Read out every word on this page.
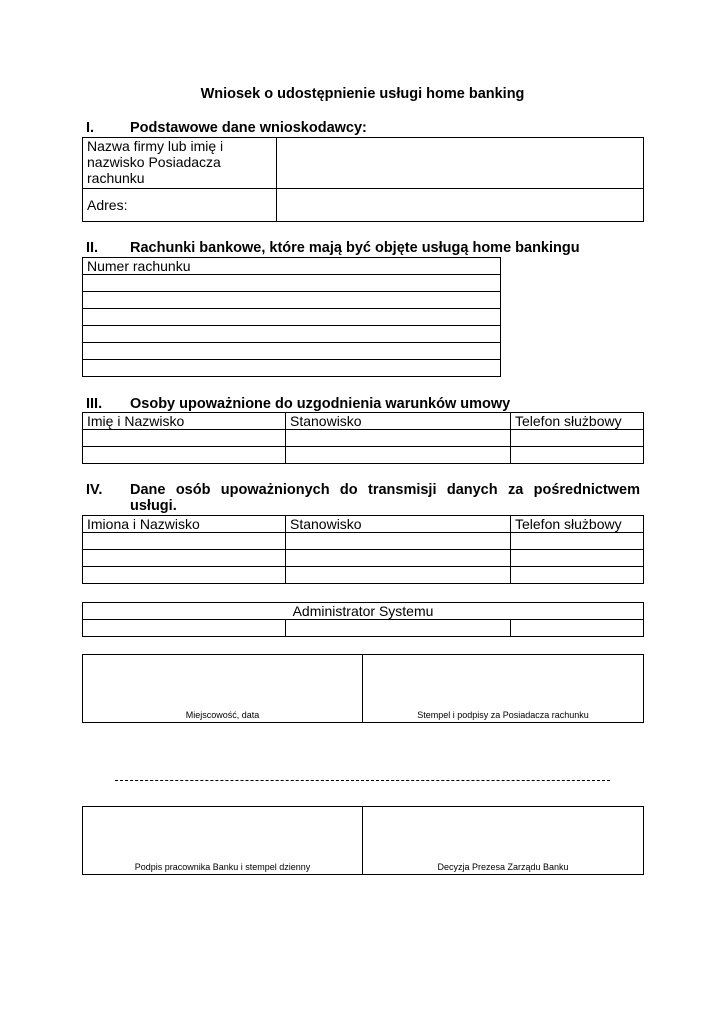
Wniosek o udostępnienie usługi home banking
I. Podstawowe dane wnioskodawcy:
Nazwa firmy lub imię i nazwisko Posiadacza rachunku	
Adres:	
II. Rachunki bankowe, które mają być objęte usługą home bankingu
Numer rachunku

III. Osoby upoważnione do uzgodnienia warunków umowy
Imię i Nazwisko	Stanowisko	Telefon służbowy

IV. Dane osób upoważnionych do transmisji danych za pośrednictwem usługi.
Imiona i Nazwisko	Stanowisko	Telefon służbowy

Administrator Systemu

Miejscowość, data	Stempel i podpisy za Posiadacza rachunku
Podpis pracownika Banku i stempel dzienny	Decyzja Prezesa Zarządu Banku
